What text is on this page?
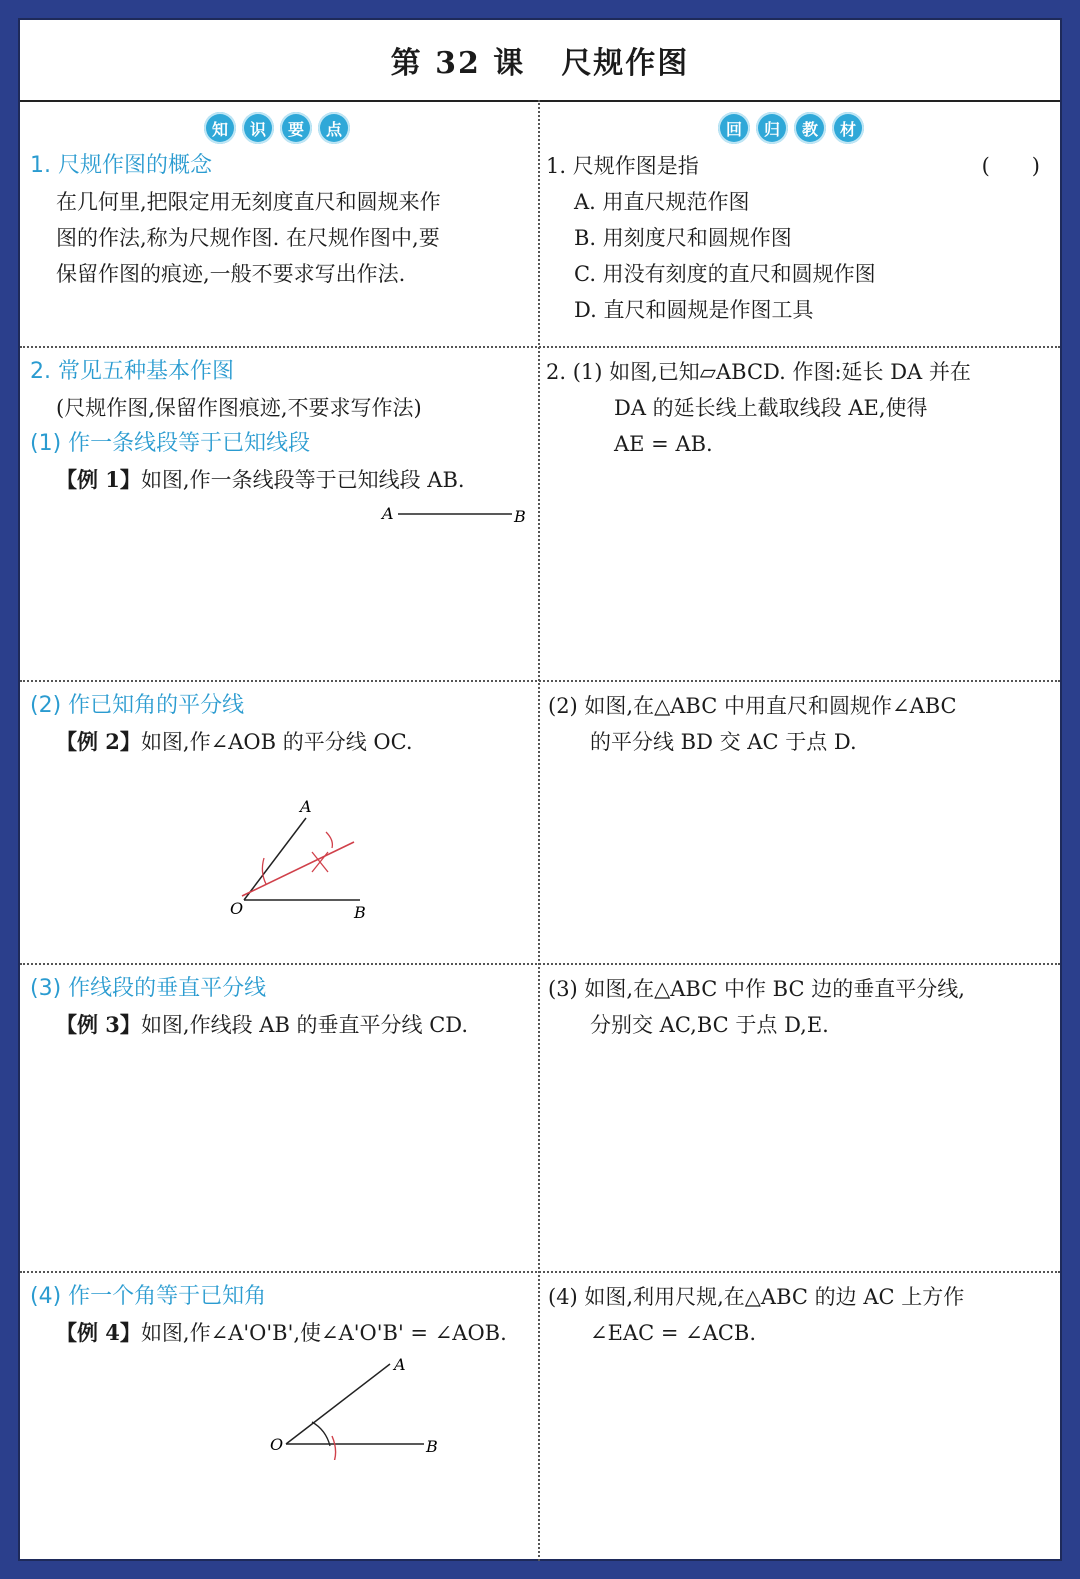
第 32 课 尺规作图
知	识	要	点	回	归	教	材
1. 尺规作图的概念
在几何里,把限定用无刻度直尺和圆规来作
图的作法,称为尺规作图. 在尺规作图中,要
保留作图的痕迹,一般不要求写出作法.
1. 尺规作图是指	(　　)
A. 用直尺规范作图
B. 用刻度尺和圆规作图
C. 用没有刻度的直尺和圆规作图
D. 直尺和圆规是作图工具
2. 常见五种基本作图
(尺规作图,保留作图痕迹,不要求写作法)
(1) 作一条线段等于已知线段
【例 1】如图,作一条线段等于已知线段 AB.
A	B
2. (1) 如图,已知▱ABCD. 作图:延长 DA 并在
DA 的延长线上截取线段 AE,使得
AE = AB.
(2) 作已知角的平分线
【例 2】如图,作∠AOB 的平分线 OC.
A
O	B
(2) 如图,在△ABC 中用直尺和圆规作∠ABC
的平分线 BD 交 AC 于点 D.
(3) 作线段的垂直平分线
【例 3】如图,作线段 AB 的垂直平分线 CD.
(3) 如图,在△ABC 中作 BC 边的垂直平分线,
分别交 AC,BC 于点 D,E.
(4) 作一个角等于已知角
【例 4】如图,作∠A'O'B',使∠A'O'B' = ∠AOB.
A
O	B
(4) 如图,利用尺规,在△ABC 的边 AC 上方作
∠EAC = ∠ACB.
